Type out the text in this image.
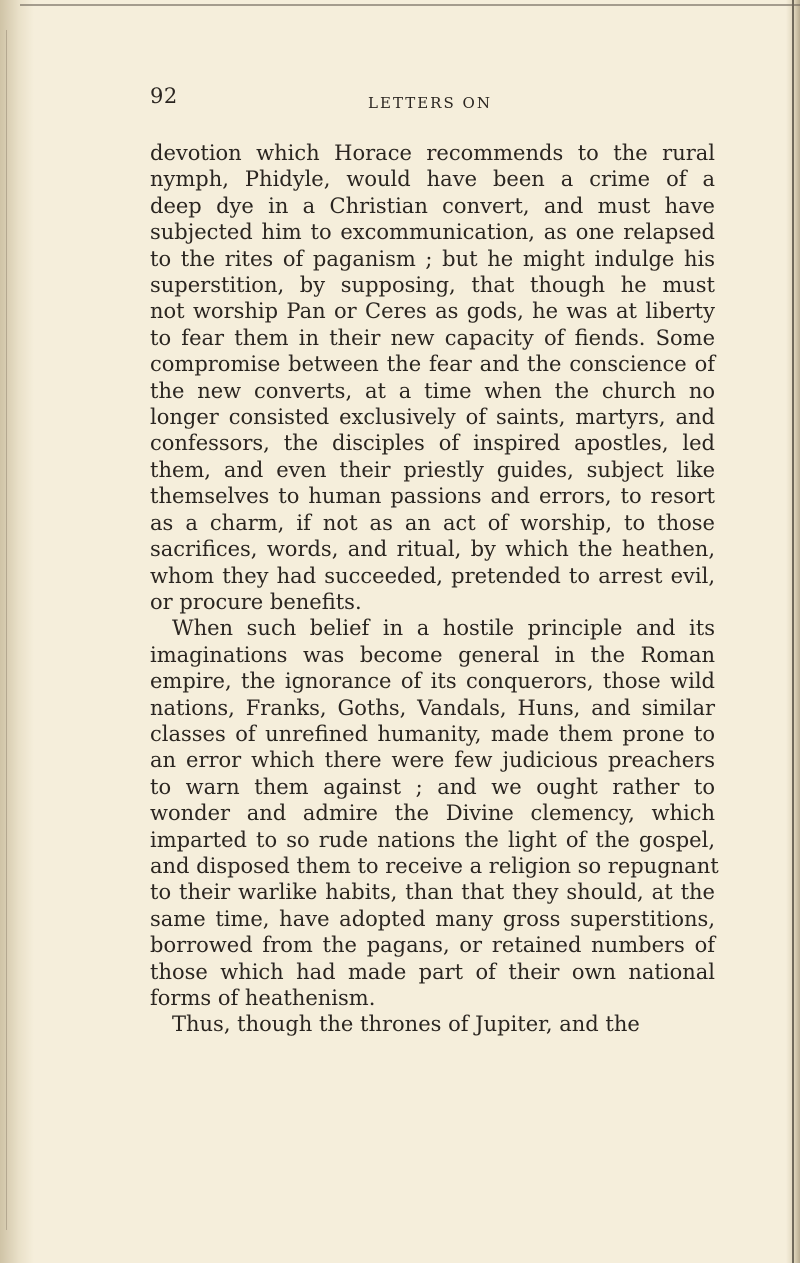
92	LETTERS ON
devotion which Horace recommends to the rural
nymph, Phidyle, would have been a crime of a
deep dye in a Christian convert, and must have
subjected him to excommunication, as one relapsed
to the rites of paganism ; but he might indulge his
superstition, by supposing, that though he must
not worship Pan or Ceres as gods, he was at liberty
to fear them in their new capacity of fiends. Some
compromise between the fear and the conscience of
the new converts, at a time when the church no
longer consisted exclusively of saints, martyrs, and
confessors, the disciples of inspired apostles, led
them, and even their priestly guides, subject like
themselves to human passions and errors, to resort
as a charm, if not as an act of worship, to those
sacrifices, words, and ritual, by which the heathen,
whom they had succeeded, pretended to arrest evil,
or procure benefits.
When such belief in a hostile principle and its
imaginations was become general in the Roman
empire, the ignorance of its conquerors, those wild
nations, Franks, Goths, Vandals, Huns, and similar
classes of unrefined humanity, made them prone to
an error which there were few judicious preachers
to warn them against ; and we ought rather to
wonder and admire the Divine clemency, which
imparted to so rude nations the light of the gospel,
and disposed them to receive a religion so repugnant
to their warlike habits, than that they should, at the
same time, have adopted many gross superstitions,
borrowed from the pagans, or retained numbers of
those which had made part of their own national
forms of heathenism.
Thus, though the thrones of Jupiter, and the
